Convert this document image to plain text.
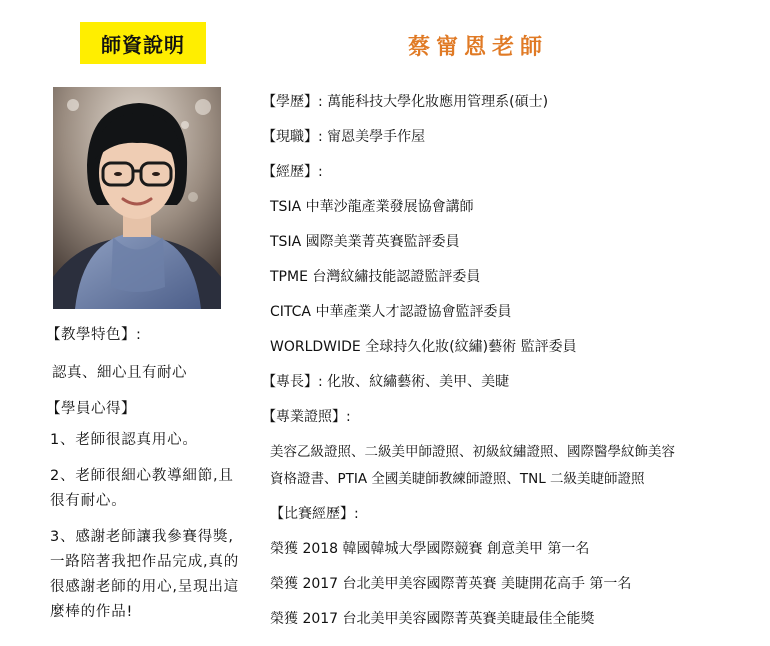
師資說明	蔡甯恩老師
【教學特色】:
認真、細心且有耐心
【學員心得】
1、老師很認真用心。
2、老師很細心教導細節,且很有耐心。
3、感謝老師讓我參賽得獎,一路陪著我把作品完成,真的很感謝老師的用心,呈現出這麼棒的作品!
【學歷】: 萬能科技大學化妝應用管理系(碩士)
【現職】: 甯恩美學手作屋
【經歷】:
TSIA 中華沙龍產業發展協會講師
TSIA 國際美業菁英賽監評委員
TPME 台灣紋繡技能認證監評委員
CITCA 中華產業人才認證協會監評委員
WORLDWIDE 全球持久化妝(紋繡)藝術 監評委員
【專長】: 化妝、紋繡藝術、美甲、美睫
【專業證照】:
美容乙級證照、二級美甲師證照、初級紋繡證照、國際醫學紋飾美容
資格證書、PTIA 全國美睫師教練師證照、TNL 二級美睫師證照
【比賽經歷】:
榮獲 2018 韓國韓城大學國際競賽 創意美甲 第一名
榮獲 2017 台北美甲美容國際菁英賽 美睫開花高手 第一名
榮獲 2017 台北美甲美容國際菁英賽美睫最佳全能獎
